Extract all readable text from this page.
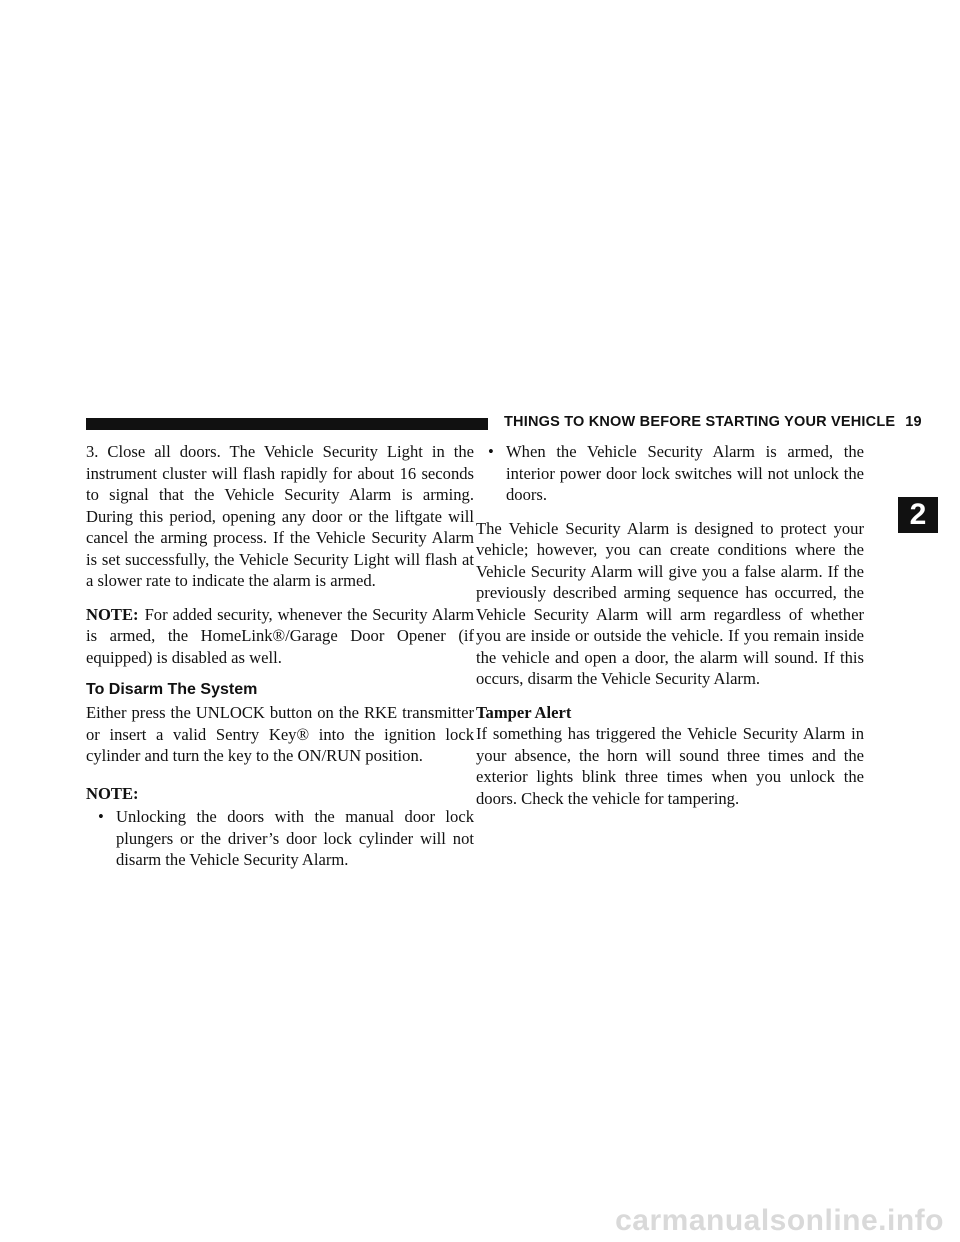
THINGS TO KNOW BEFORE STARTING YOUR VEHICLE 19
2

3. Close all doors. The Vehicle Security Light in the instrument cluster will flash rapidly for about 16 seconds to signal that the Vehicle Security Alarm is arming. During this period, opening any door or the liftgate will cancel the arming process. If the Vehicle Security Alarm is set successfully, the Vehicle Security Light will flash at a slower rate to indicate the alarm is armed.

NOTE: For added security, whenever the Security Alarm is armed, the HomeLink®/Garage Door Opener (if equipped) is disabled as well.

To Disarm The System

Either press the UNLOCK button on the RKE transmitter or insert a valid Sentry Key® into the ignition lock cylinder and turn the key to the ON/RUN position.

NOTE:
• Unlocking the doors with the manual door lock plungers or the driver’s door lock cylinder will not disarm the Vehicle Security Alarm.
• When the Vehicle Security Alarm is armed, the interior power door lock switches will not unlock the doors.

The Vehicle Security Alarm is designed to protect your vehicle; however, you can create conditions where the Vehicle Security Alarm will give you a false alarm. If the previously described arming sequence has occurred, the Vehicle Security Alarm will arm regardless of whether you are inside or outside the vehicle. If you remain inside the vehicle and open a door, the alarm will sound. If this occurs, disarm the Vehicle Security Alarm.

Tamper Alert

If something has triggered the Vehicle Security Alarm in your absence, the horn will sound three times and the exterior lights blink three times when you unlock the doors. Check the vehicle for tampering.

carmanualsonline.info
